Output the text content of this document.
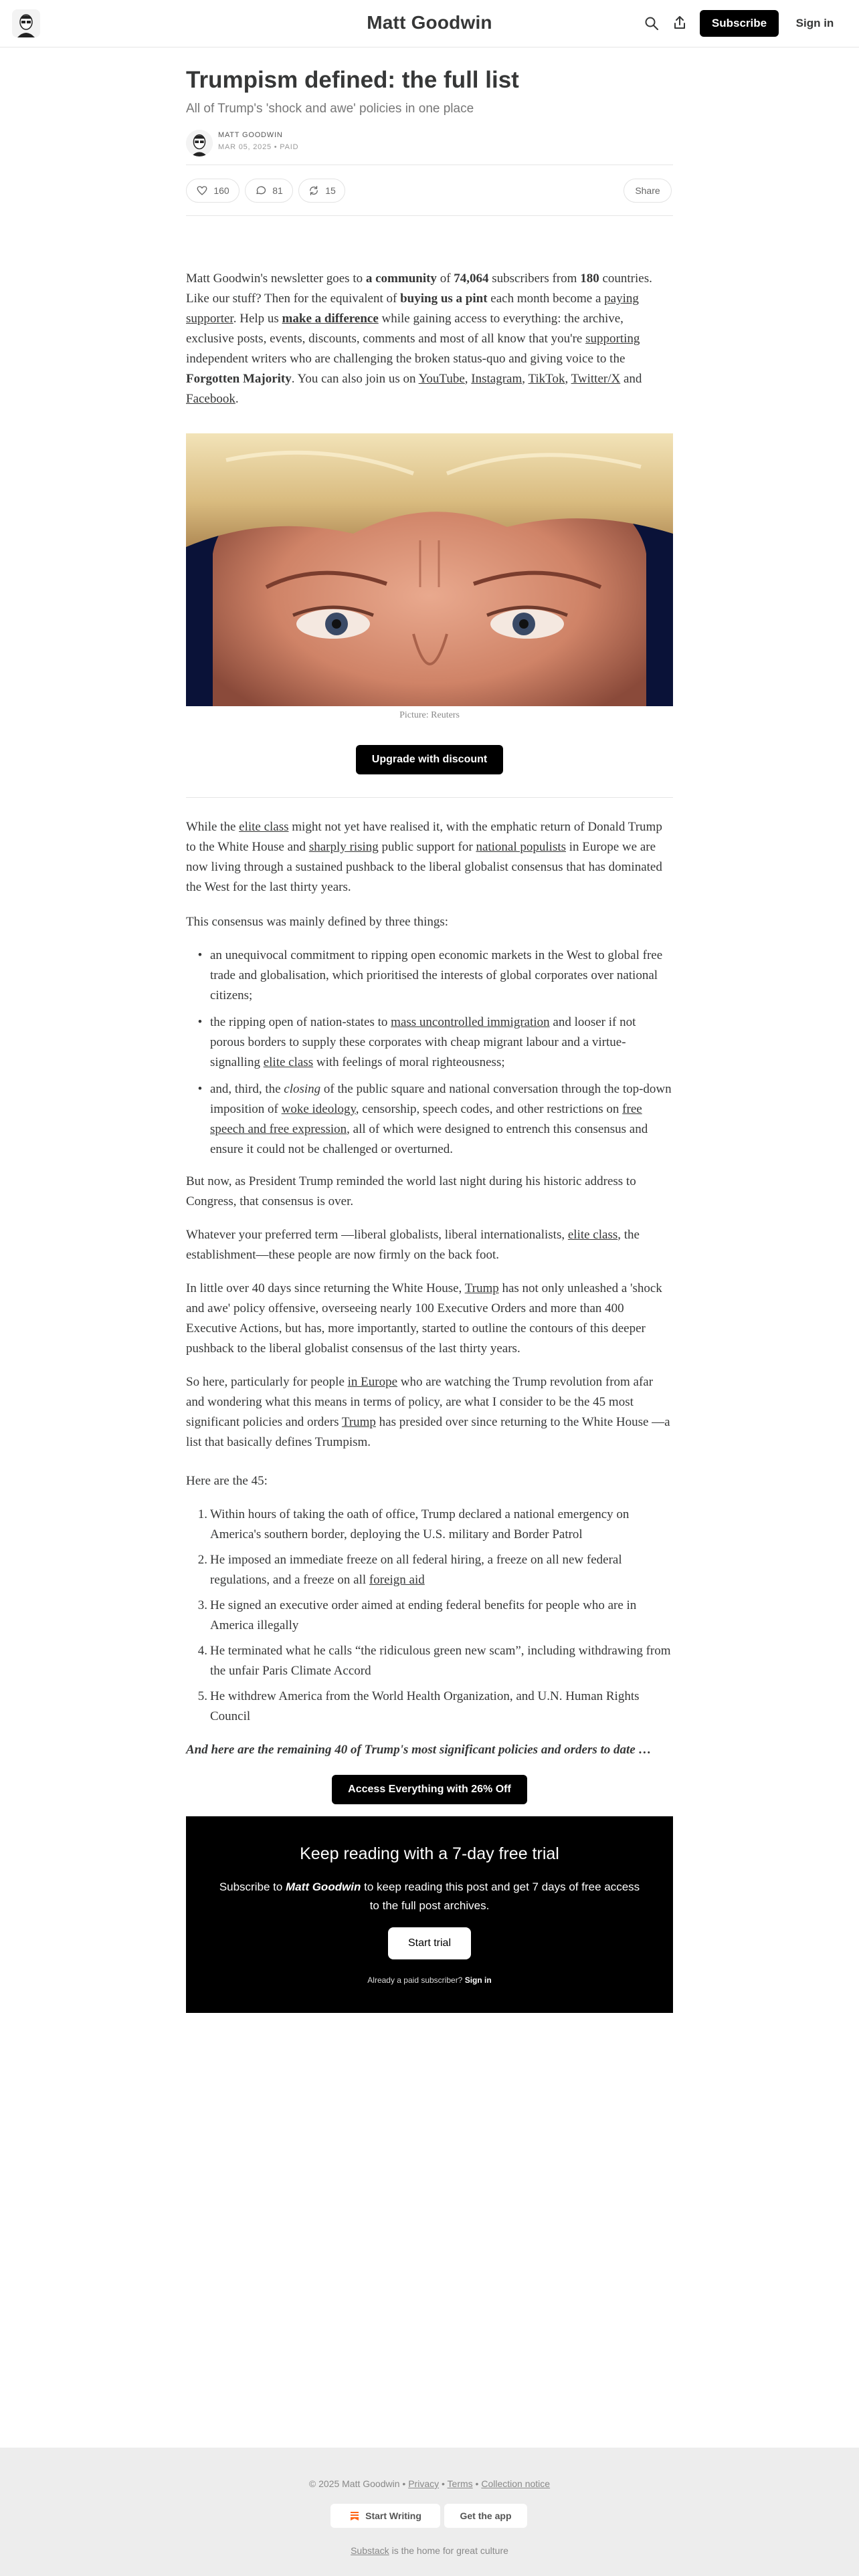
Matt Goodwin	Subscribe	Sign in
Trumpism defined: the full list
All of Trump's 'shock and awe' policies in one place
MATT GOODWIN
MAR 05, 2025 • PAID
160	81	15	Share

Matt Goodwin's newsletter goes to a community of 74,064 subscribers from 180 countries. Like our stuff? Then for the equivalent of buying us a pint each month become a paying supporter. Help us make a difference while gaining access to everything: the archive, exclusive posts, events, discounts, comments and most of all know that you're supporting independent writers who are challenging the broken status-quo and giving voice to the Forgotten Majority. You can also join us on YouTube, Instagram, TikTok, Twitter/X and Facebook.

Picture: Reuters
Upgrade with discount

While the elite class might not yet have realised it, with the emphatic return of Donald Trump to the White House and sharply rising public support for national populists in Europe we are now living through a sustained pushback to the liberal globalist consensus that has dominated the West for the last thirty years.

This consensus was mainly defined by three things:

• an unequivocal commitment to ripping open economic markets in the West to global free trade and globalisation, which prioritised the interests of global corporates over national citizens;

• the ripping open of nation-states to mass uncontrolled immigration and looser if not porous borders to supply these corporates with cheap migrant labour and a virtue-signalling elite class with feelings of moral righteousness;

• and, third, the closing of the public square and national conversation through the top-down imposition of woke ideology, censorship, speech codes, and other restrictions on free speech and free expression, all of which were designed to entrench this consensus and ensure it could not be challenged or overturned.

But now, as President Trump reminded the world last night during his historic address to Congress, that consensus is over.

Whatever your preferred term —liberal globalists, liberal internationalists, elite class, the establishment—these people are now firmly on the back foot.

In little over 40 days since returning the White House, Trump has not only unleashed a 'shock and awe' policy offensive, overseeing nearly 100 Executive Orders and more than 400 Executive Actions, but has, more importantly, started to outline the contours of this deeper pushback to the liberal globalist consensus of the last thirty years.

So here, particularly for people in Europe who are watching the Trump revolution from afar and wondering what this means in terms of policy, are what I consider to be the 45 most significant policies and orders Trump has presided over since returning to the White House —a list that basically defines Trumpism.

Here are the 45:

1. Within hours of taking the oath of office, Trump declared a national emergency on America's southern border, deploying the U.S. military and Border Patrol

2. He imposed an immediate freeze on all federal hiring, a freeze on all new federal regulations, and a freeze on all foreign aid

3. He signed an executive order aimed at ending federal benefits for people who are in America illegally

4. He terminated what he calls “the ridiculous green new scam”, including withdrawing from the unfair Paris Climate Accord

5. He withdrew America from the World Health Organization, and U.N. Human Rights Council

And here are the remaining 40 of Trump's most significant policies and orders to date …

Access Everything with 26% Off
Keep reading with a 7-day free trial
Subscribe to Matt Goodwin to keep reading this post and get 7 days of free access to the full post archives.
Start trial
Already a paid subscriber? Sign in
© 2025 Matt Goodwin • Privacy • Terms • Collection notice
Start Writing	Get the app
Substack is the home for great culture
